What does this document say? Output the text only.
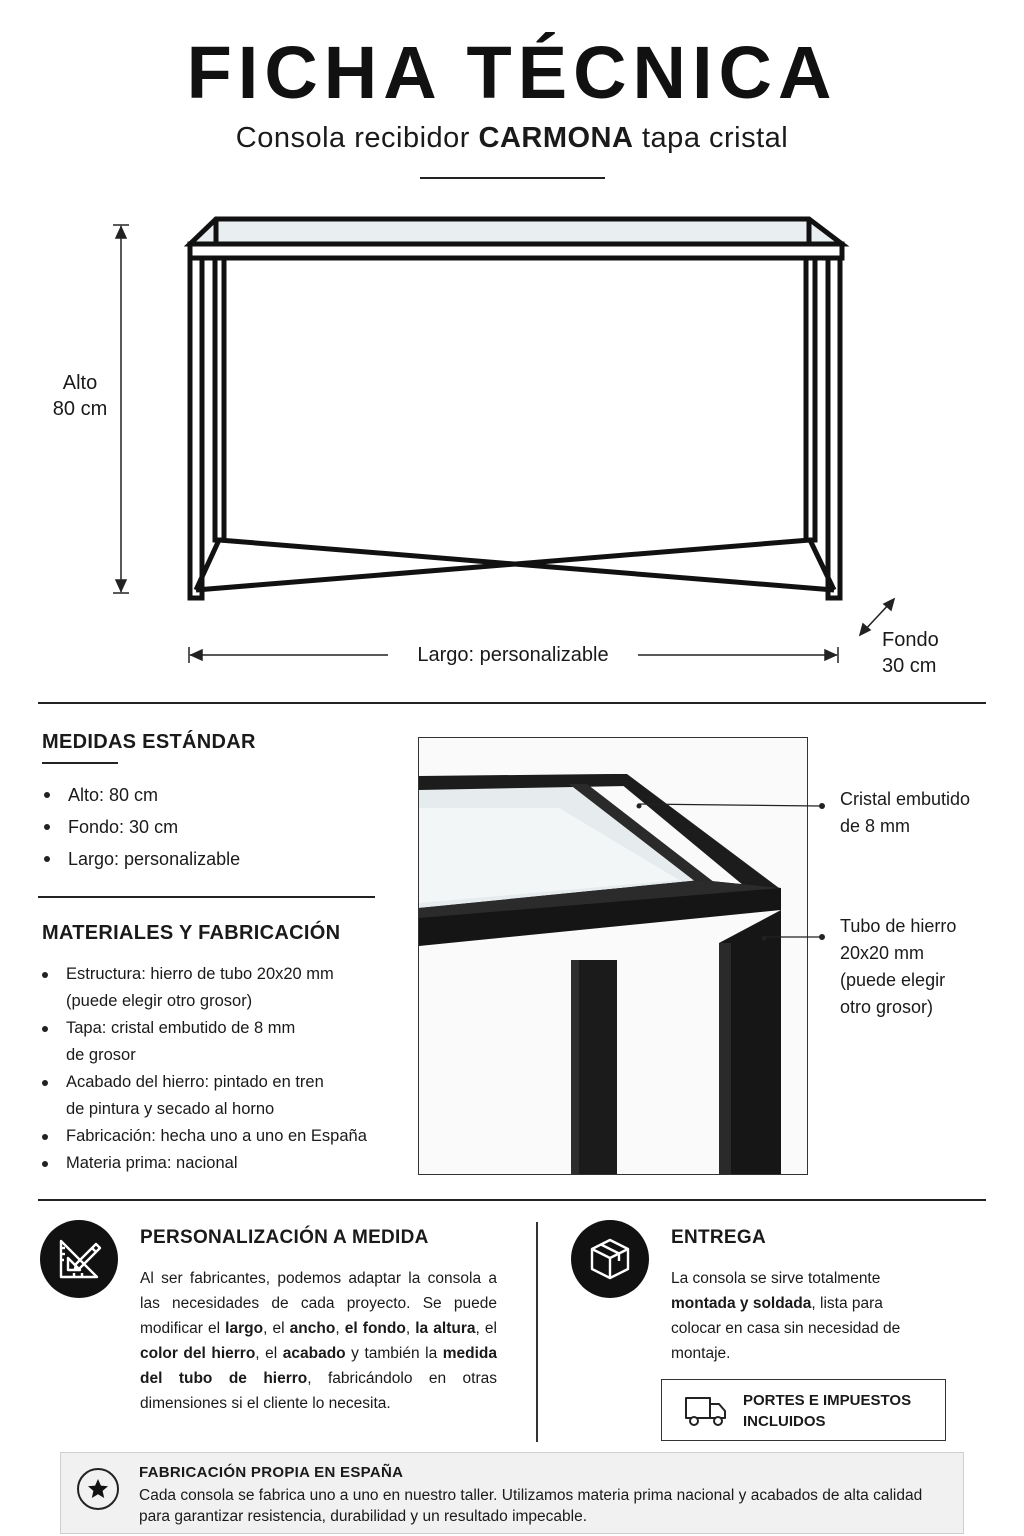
FICHA TÉCNICA
Consola recibidor CARMONA tapa cristal
Alto
80 cm
Largo: personalizable
Fondo
30 cm
MEDIDAS ESTÁNDAR
Alto: 80 cm
Fondo: 30 cm
Largo: personalizable
MATERIALES Y FABRICACIÓN
Estructura: hierro de tubo 20x20 mm
(puede elegir otro grosor)
Tapa: cristal embutido de 8 mm
de grosor
Acabado del hierro: pintado en tren
de pintura y secado al horno
Fabricación: hecha uno a uno en España
Materia prima: nacional
Cristal embutido
de 8 mm
Tubo de hierro
20x20 mm
(puede elegir
otro grosor)
PERSONALIZACIÓN A MEDIDA
Al ser fabricantes, podemos adaptar la consola a las necesidades de cada proyecto. Se puede modificar el largo, el ancho, el fondo, la altura, el color del hierro, el acabado y también la medida del tubo de hierro, fabricándolo en otras dimensiones si el cliente lo necesita.
ENTREGA
La consola se sirve totalmente montada y soldada, lista para colocar en casa sin necesidad de montaje.
PORTES E IMPUESTOS
INCLUIDOS
FABRICACIÓN PROPIA EN ESPAÑA
Cada consola se fabrica uno a uno en nuestro taller. Utilizamos materia prima nacional y acabados de alta calidad para garantizar resistencia, durabilidad y un resultado impecable.
